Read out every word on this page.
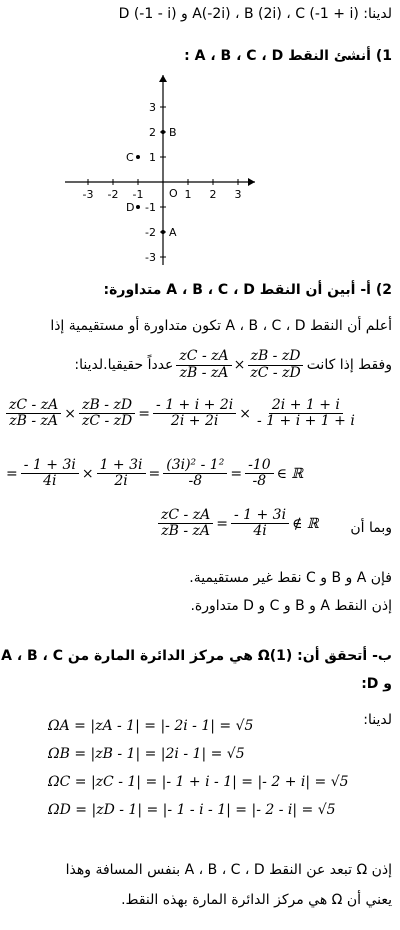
لدينا: A(-2i) ، B (2i) ، C (-1 + i) و D (-1 - i)
1) أنشئ النقط A ، B ، C ، D :
-3 -2 -1	1 2 3
3
2
1
-1
-2
-3
O
B
C
D
A
2) أ- أبين أن النقط A ، B ، C ، D متداورة:
أعلم أن النقط A ، B ، C ، D تكون متداورة أو مستقيمية إذا
وفقط إذا كانت
$\frac{zC - zA}{zB - zA} \times \frac{zB - zD}{zC - zD}$
عدداً حقيقيا.لدينا:
$\frac{zC - zA}{zB - zA} \times \frac{zB - zD}{zC - zD} = \frac{- 1 + i + 2i}{2i + 2i} \times \frac{2i + 1 + i}{- 1 + i + 1 + i}$
= $\frac{- 1 + 3i}{4i} \times \frac{1 + 3i}{2i} = \frac{\text{(3i)² - 1²}}{-8} = \frac{-10}{-8}$ ∈ ℝ
$\frac{zC - zA}{zB - zA} = \frac{- 1 + 3i}{4i}$ ∉ ℝ وبما أن
فإن A و B و C نقط غير مستقيمية.
إذن النقط A و B و C و D متداورة.
ب- أتحقق أن: Ω(1) هي مركز الدائرة المارة من A ، B ، C
و D:
لدينا:
ΩA = |zA - 1| = |- 2i - 1| = √5
ΩB = |zB - 1| = |2i - 1| = √5
ΩC = |zC - 1| = |- 1 + i - 1| = |- 2 + i| = √5
ΩD = |zD - 1| = |- 1 - i - 1| = |- 2 - i| = √5
إذن Ω تبعد عن النقط A ، B ، C ، D بنفس المسافة وهذا
يعني أن Ω هي مركز الدائرة المارة بهذه النقط.
